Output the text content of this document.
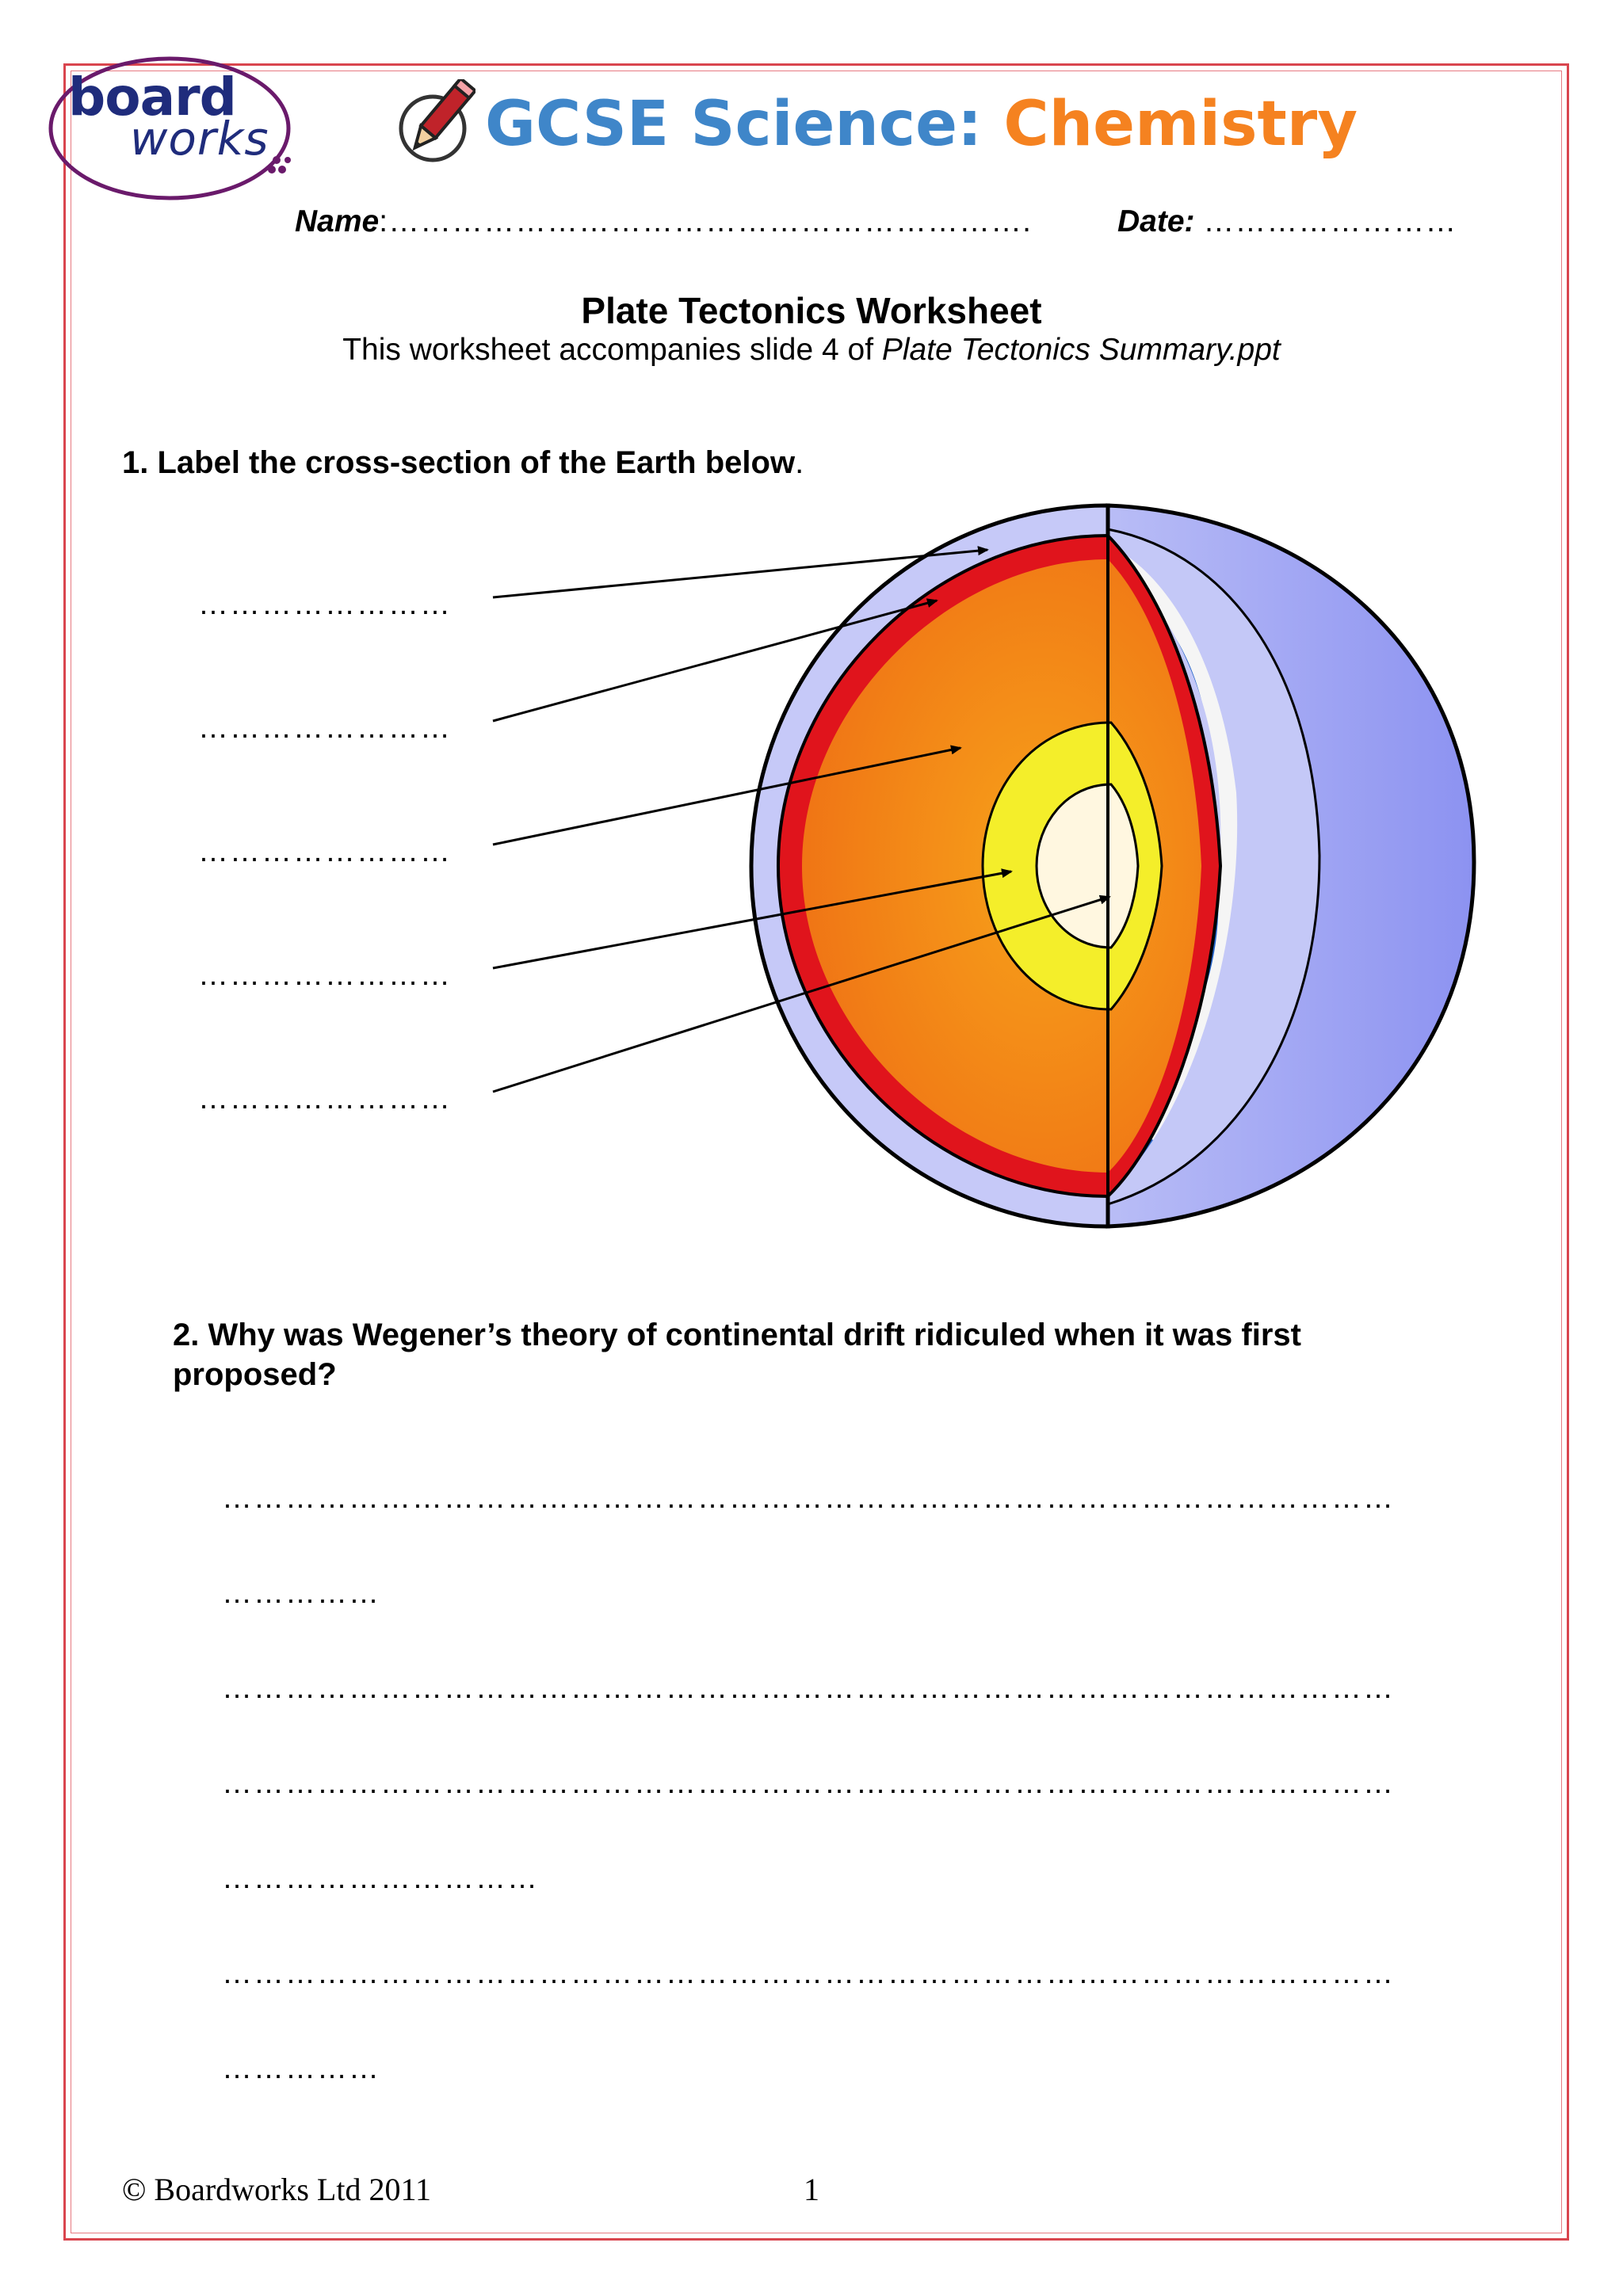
board
works	GCSE Science: Chemistry
Name:…………………………………………………….	Date: ……………………
Plate Tectonics Worksheet
This worksheet accompanies slide 4 of Plate Tectonics Summary.ppt
1. Label the cross-section of the Earth below.
……………………
……………………
……………………
……………………
……………………
2. Why was Wegener’s theory of continental drift ridiculed when it was first proposed?
…………………………………………………………………………………………………
……………
…………………………………………………………………………………………………
…………………………………………………………………………………………………
…………………………
…………………………………………………………………………………………………
……………
© Boardworks Ltd 2011	1
